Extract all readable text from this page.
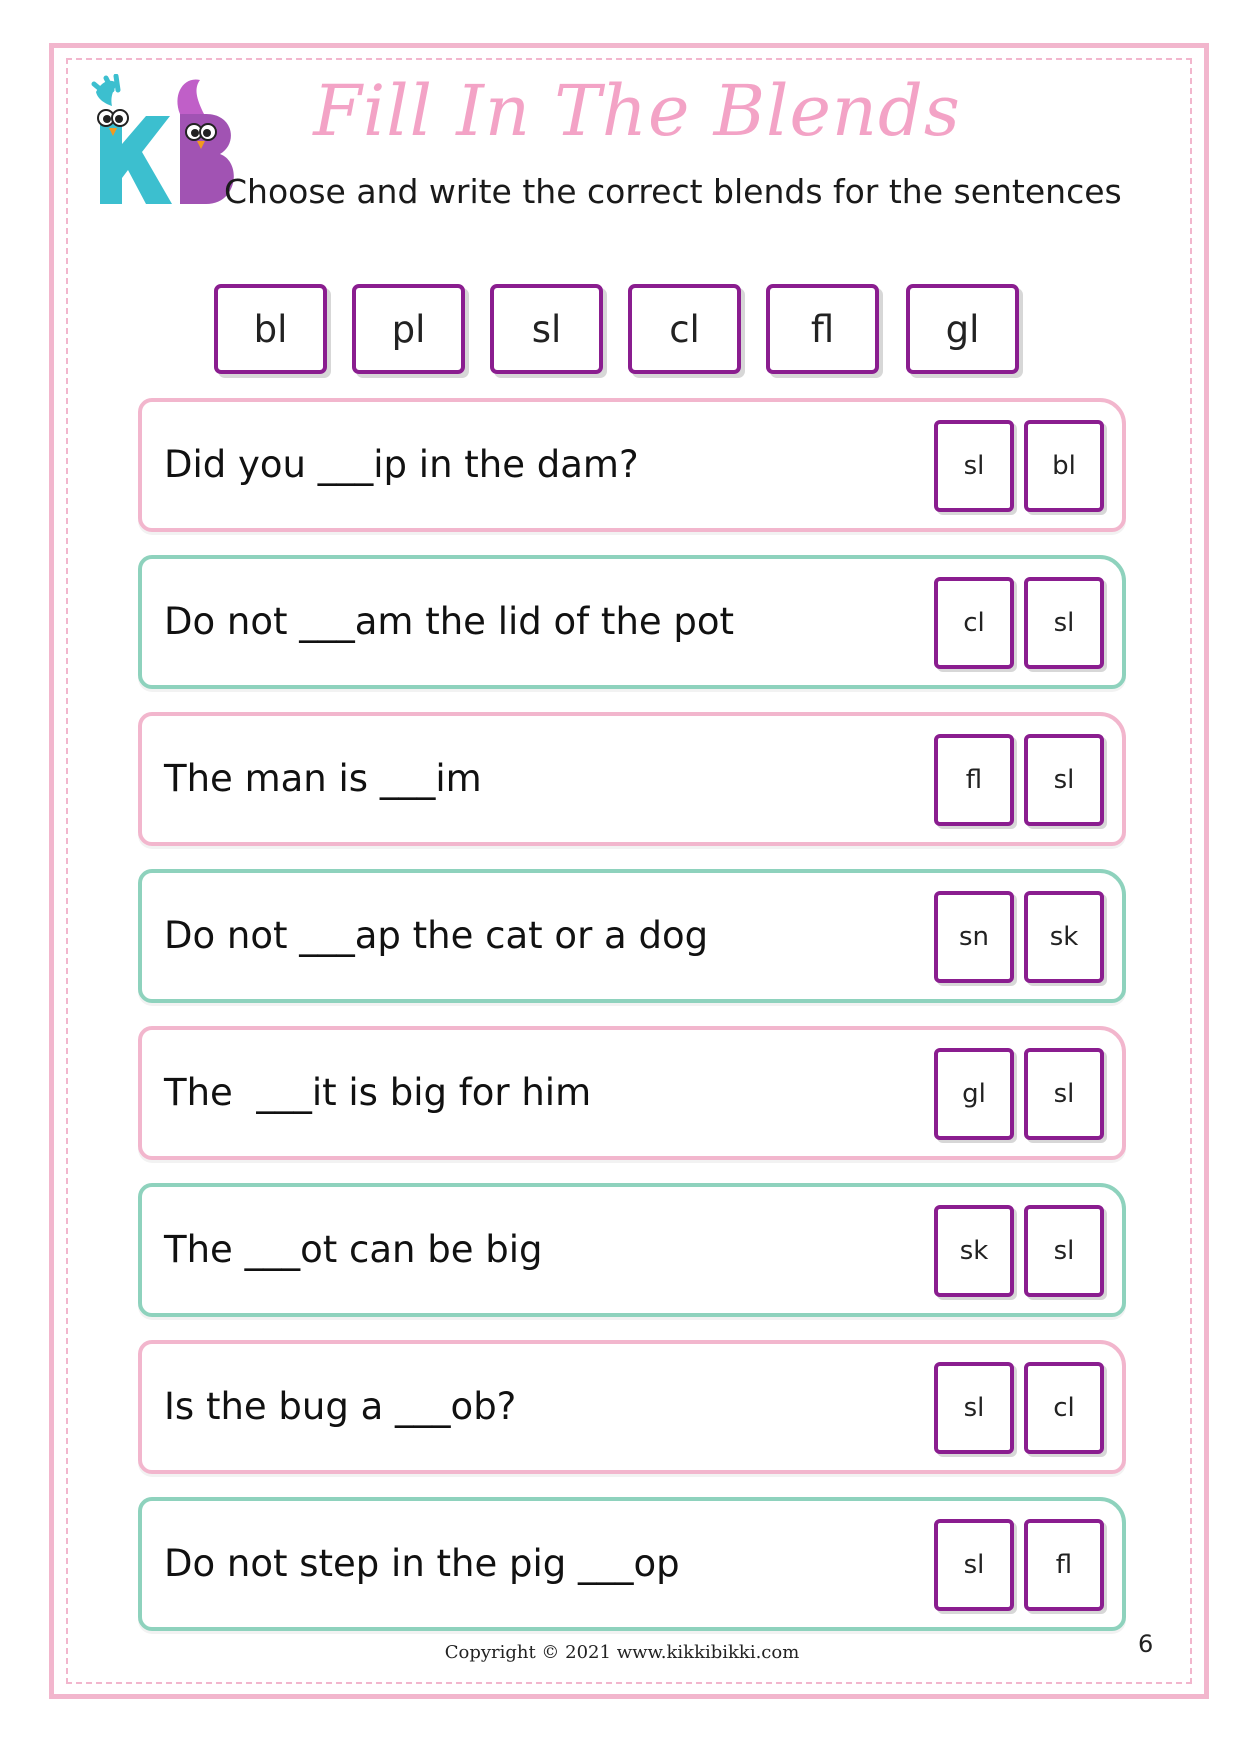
Fill In The Blends
Choose and write the correct blends for the sentences
bl	pl	sl	cl	fl	gl
Did you ___ip in the dam?	sl	bl
Do not ___am the lid of the pot	cl	sl
The man is ___im	fl	sl
Do not ___ap the cat or a dog	sn	sk
The  ___it is big for him	gl	sl
The ___ot can be big	sk	sl
Is the bug a ___ob?	sl	cl
Do not step in the pig ___op	sl	fl
Copyright © 2021 www.kikkibikki.com	6
